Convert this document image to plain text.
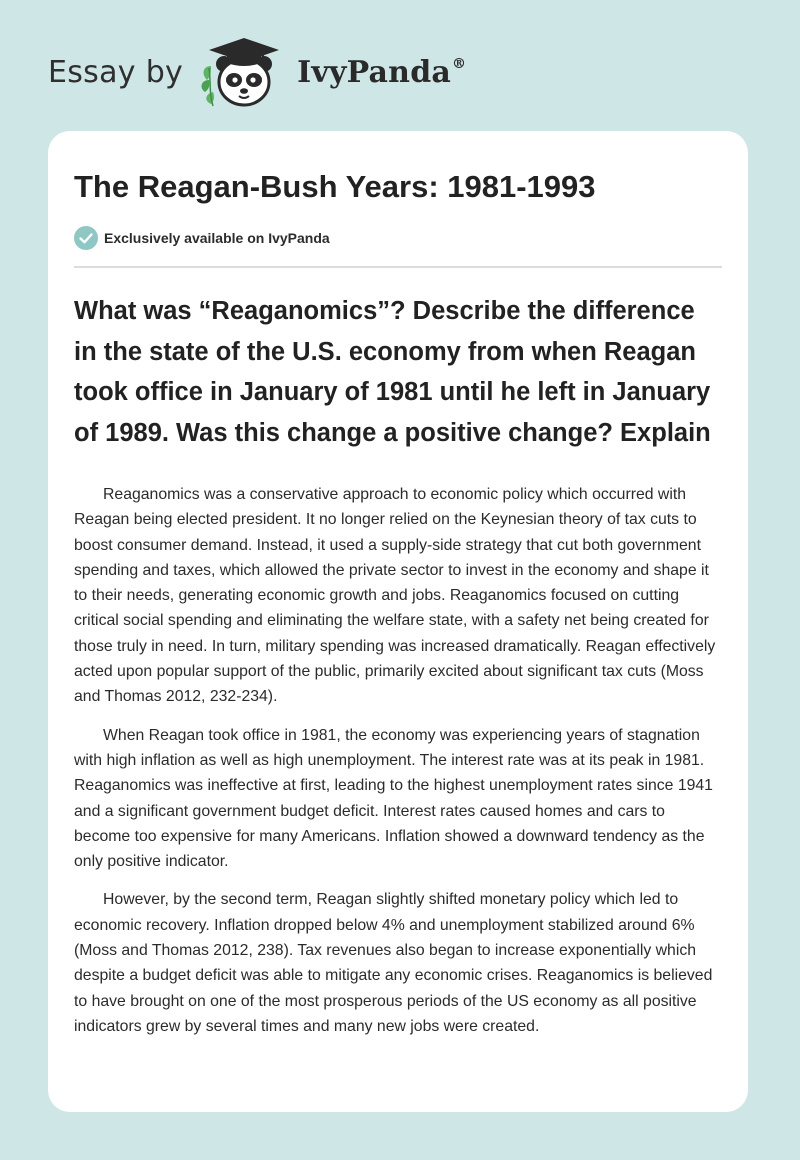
Essay by	IvyPanda®
The Reagan-Bush Years: 1981-1993
Exclusively available on IvyPanda
What was “Reaganomics”? Describe the difference in the state of the U.S. economy from when Reagan took office in January of 1981 until he left in January of 1989. Was this change a positive change? Explain

Reaganomics was a conservative approach to economic policy which occurred with Reagan being elected president. It no longer relied on the Keynesian theory of tax cuts to boost consumer demand. Instead, it used a supply-side strategy that cut both government spending and taxes, which allowed the private sector to invest in the economy and shape it to their needs, generating economic growth and jobs. Reaganomics focused on cutting critical social spending and eliminating the welfare state, with a safety net being created for those truly in need. In turn, military spending was increased dramatically. Reagan effectively acted upon popular support of the public, primarily excited about significant tax cuts (Moss and Thomas 2012, 232-234).

When Reagan took office in 1981, the economy was experiencing years of stagnation with high inflation as well as high unemployment. The interest rate was at its peak in 1981. Reaganomics was ineffective at first, leading to the highest unemployment rates since 1941 and a significant government budget deficit. Interest rates caused homes and cars to become too expensive for many Americans. Inflation showed a downward tendency as the only positive indicator.

However, by the second term, Reagan slightly shifted monetary policy which led to economic recovery. Inflation dropped below 4% and unemployment stabilized around 6% (Moss and Thomas 2012, 238). Tax revenues also began to increase exponentially which despite a budget deficit was able to mitigate any economic crises. Reaganomics is believed to have brought on one of the most prosperous periods of the US economy as all positive indicators grew by several times and many new jobs were created.
